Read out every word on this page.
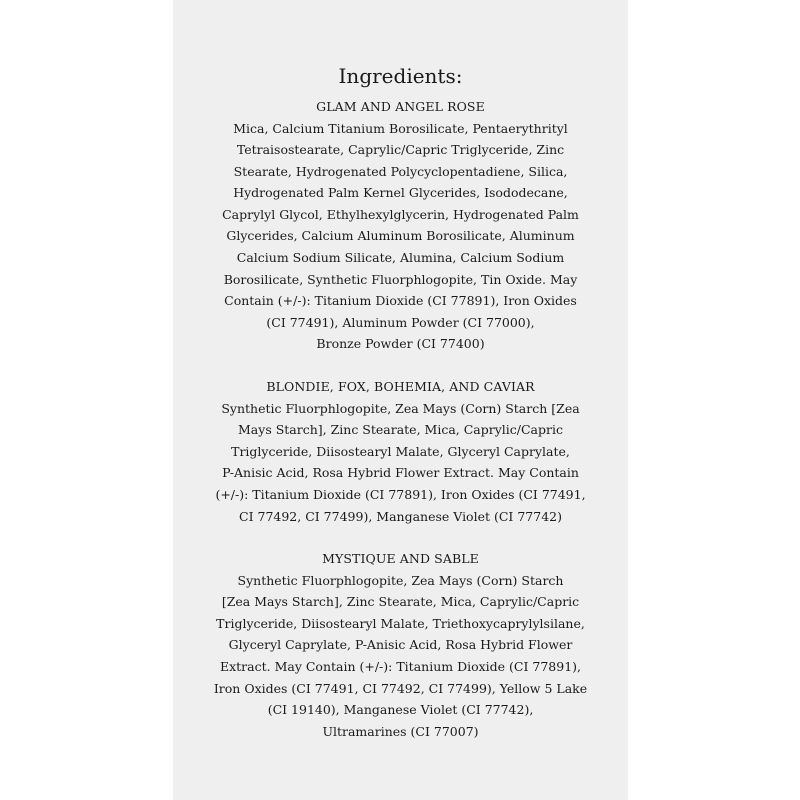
Ingredients:
GLAM AND ANGEL ROSE
Mica, Calcium Titanium Borosilicate, Pentaerythrityl
Tetraisostearate, Caprylic/Capric Triglyceride, Zinc
Stearate, Hydrogenated Polycyclopentadiene, Silica,
Hydrogenated Palm Kernel Glycerides, Isododecane,
Caprylyl Glycol, Ethylhexylglycerin, Hydrogenated Palm
Glycerides, Calcium Aluminum Borosilicate, Aluminum
Calcium Sodium Silicate, Alumina, Calcium Sodium
Borosilicate, Synthetic Fluorphlogopite, Tin Oxide. May
Contain (+/-): Titanium Dioxide (CI 77891), Iron Oxides
(CI 77491), Aluminum Powder (CI 77000),
Bronze Powder (CI 77400)
BLONDIE, FOX, BOHEMIA, AND CAVIAR
Synthetic Fluorphlogopite, Zea Mays (Corn) Starch [Zea
Mays Starch], Zinc Stearate, Mica, Caprylic/Capric
Triglyceride, Diisostearyl Malate, Glyceryl Caprylate,
P-Anisic Acid, Rosa Hybrid Flower Extract. May Contain
(+/-): Titanium Dioxide (CI 77891), Iron Oxides (CI 77491,
CI 77492, CI 77499), Manganese Violet (CI 77742)
MYSTIQUE AND SABLE
Synthetic Fluorphlogopite, Zea Mays (Corn) Starch
[Zea Mays Starch], Zinc Stearate, Mica, Caprylic/Capric
Triglyceride, Diisostearyl Malate, Triethoxycaprylylsilane,
Glyceryl Caprylate, P-Anisic Acid, Rosa Hybrid Flower
Extract. May Contain (+/-): Titanium Dioxide (CI 77891),
Iron Oxides (CI 77491, CI 77492, CI 77499), Yellow 5 Lake
(CI 19140), Manganese Violet (CI 77742),
Ultramarines (CI 77007)
